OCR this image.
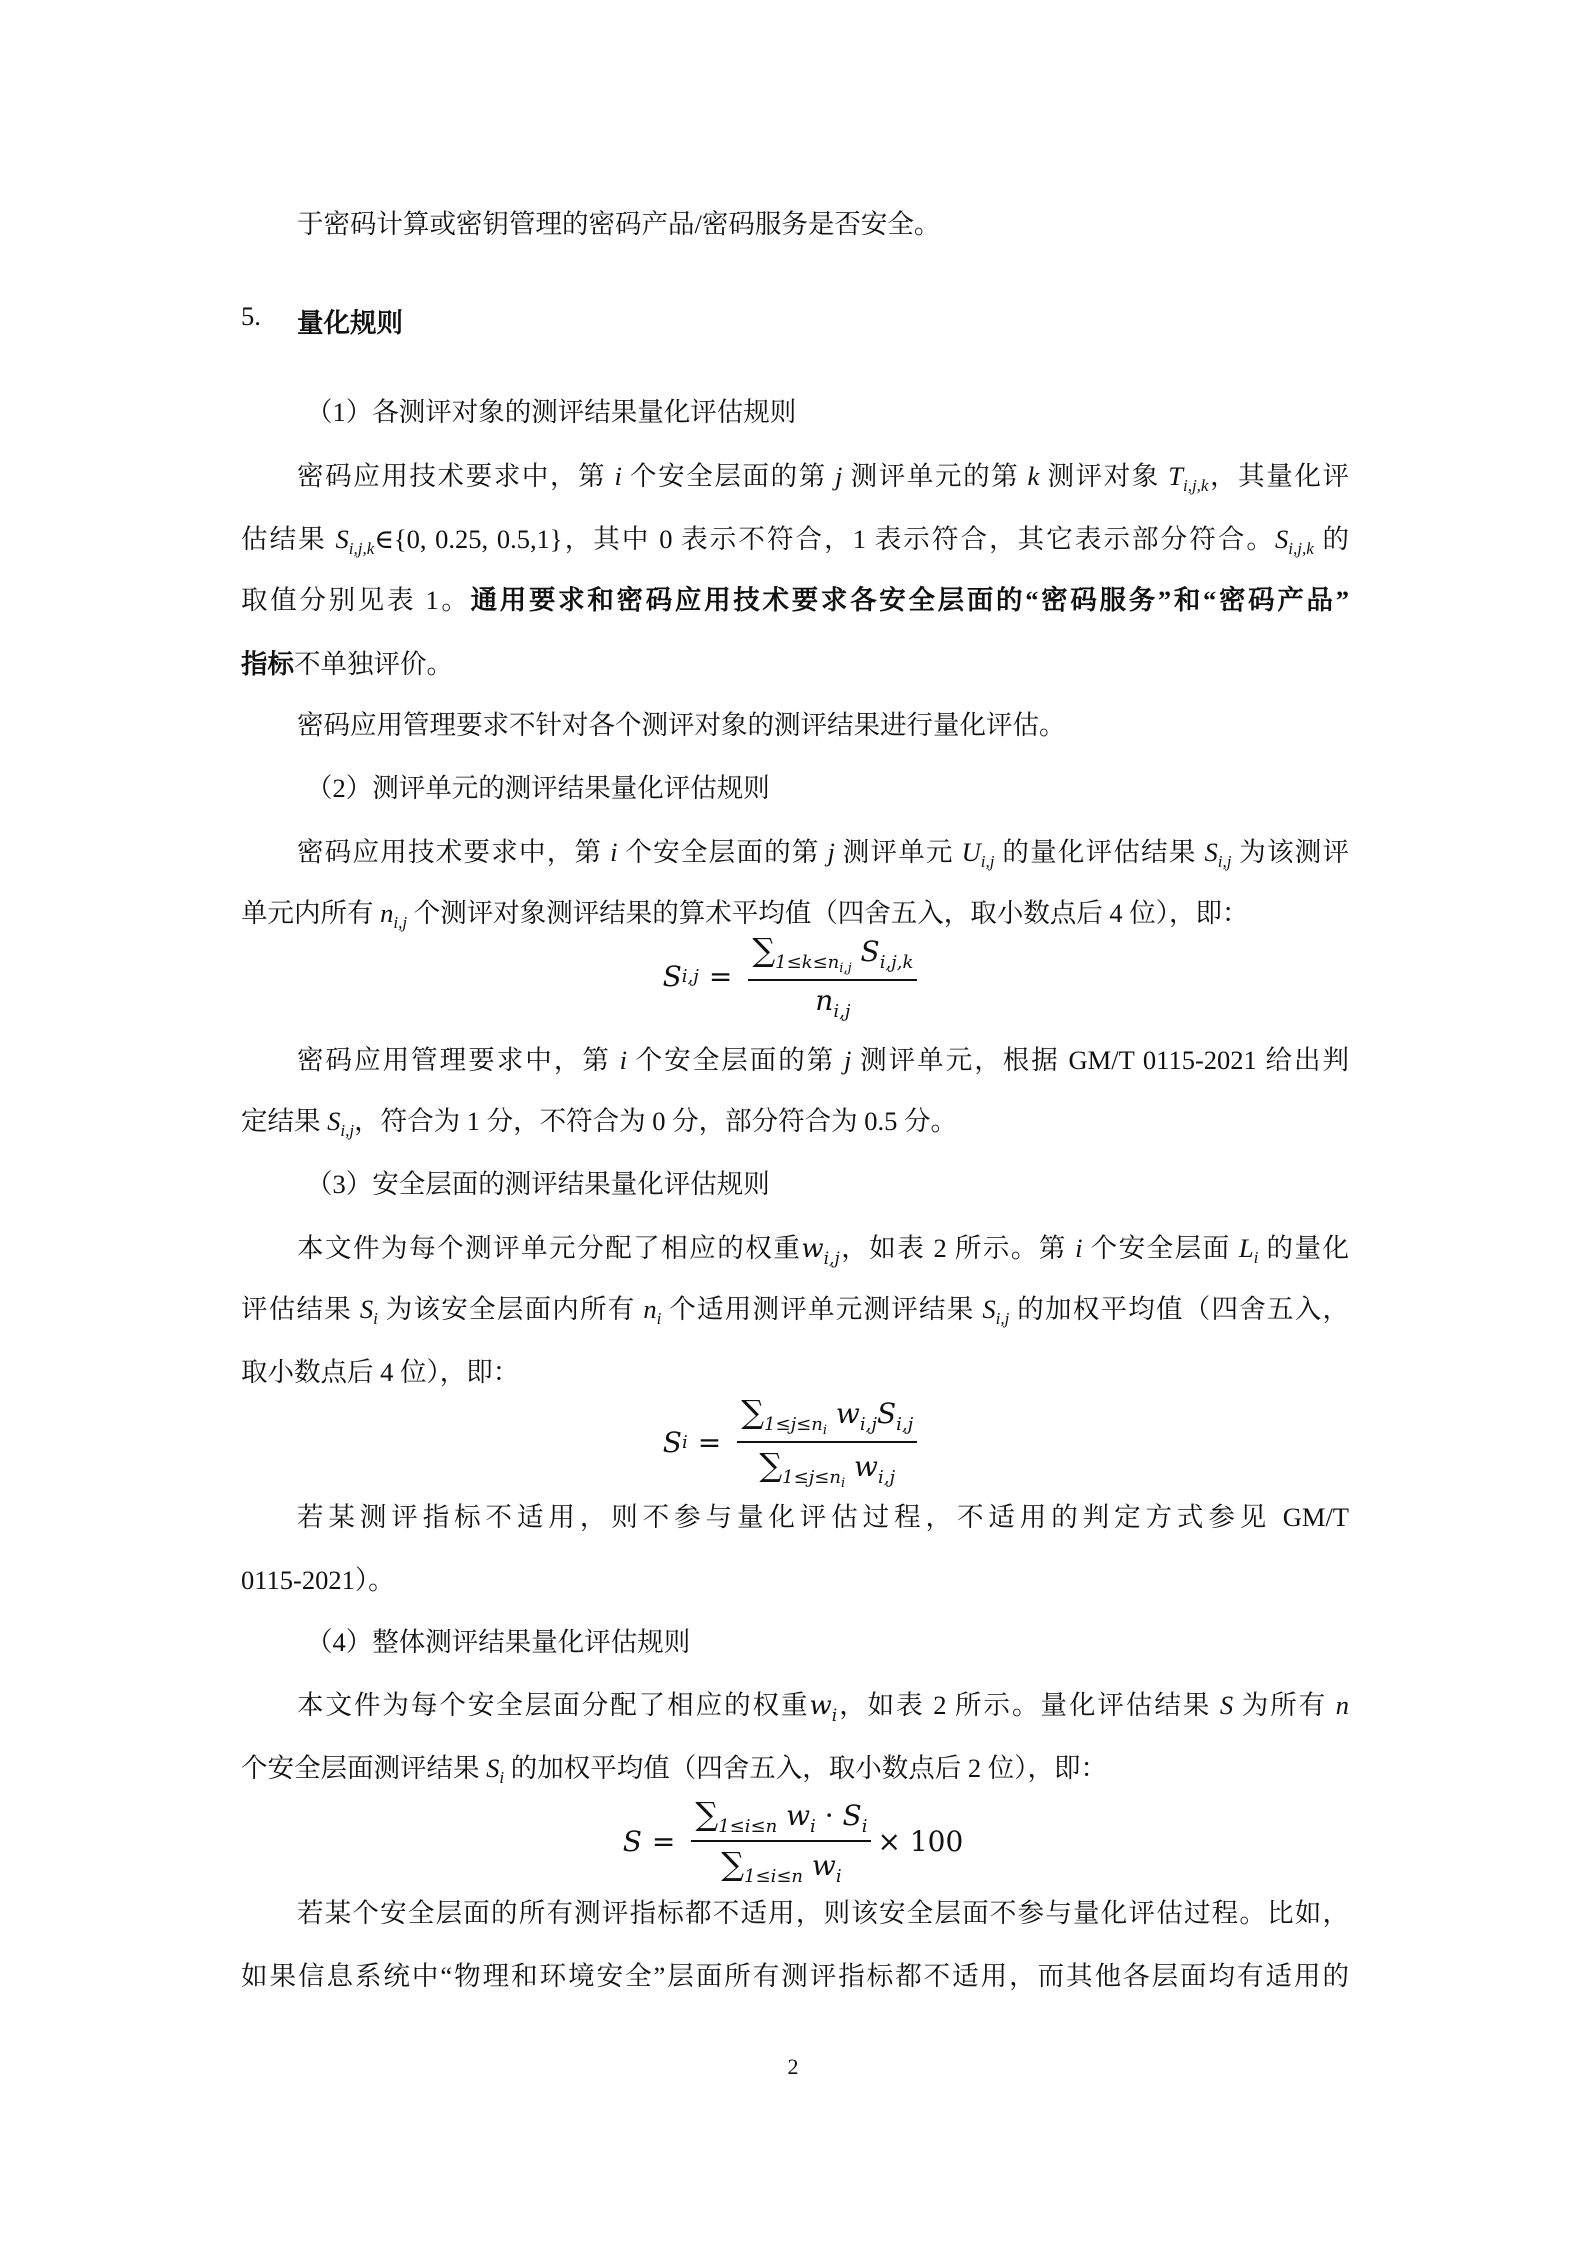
5. 量化规则
2
于密码计算或密钥管理的密码产品/密码服务是否安全。
（1）各测评对象的测评结果量化评估规则
密码应用技术要求中，第 i 个安全层面的第 j 测评单元的第 k 测评对象 $T_{i,j,k}$，其量化评
估结果 $S_{i,j,k}\in\{0$, 0.25, 0.5,1}，其中 0 表示不符合，1 表示符合，其它表示部分符合。$S_{i,j,k}$ 的
取值分别见表 1。通用要求和密码应用技术要求各安全层面的“密码服务”和“密码产品”
指标不单独评价。
密码应用管理要求不针对各个测评对象的测评结果进行量化评估。
（2）测评单元的测评结果量化评估规则
密码应用技术要求中，第 i 个安全层面的第 j 测评单元 $U_{i,j}$ 的量化评估结果 $S_{i,j}$ 为该测评
单元内所有 $n_{i,j}$ 个测评对象测评结果的算术平均值（四舍五入，取小数点后 4 位），即：
密码应用管理要求中，第 i 个安全层面的第 j 测评单元，根据 GM/T 0115-2021 给出判
定结果 $S_{i,j}$，符合为 1 分，不符合为 0 分，部分符合为 0.5 分。
（3）安全层面的测评结果量化评估规则
本文件为每个测评单元分配了相应的权重$w_{i,j}$，如表 2 所示。第 i 个安全层面 $L_i$ 的量化
评估结果 $S_i$ 为该安全层面内所有 $n_i$ 个适用测评单元测评结果 $S_{i,j}$ 的加权平均值（四舍五入，
取小数点后 4 位），即：
若某测评指标不适用，则不参与量化评估过程，不适用的判定方式参见 GM/T
0115-2021）。
（4）整体测评结果量化评估规则
本文件为每个安全层面分配了相应的权重$w_i$，如表 2 所示。量化评估结果 S 为所有 n
个安全层面测评结果 $S_i$ 的加权平均值（四舍五入，取小数点后 2 位），即：
若某个安全层面的所有测评指标都不适用，则该安全层面不参与量化评估过程。比如，
如果信息系统中“物理和环境安全”层面所有测评指标都不适用，而其他各层面均有适用的
S $i,j = \frac{\sum_{1\le k\le ni,j} S_{i,j,k}}{n_{i,j}}$
S $i = \frac{\sum_{1\le j\le ni} w_{i,j}S_{i,j}}{\sum_{1\le j\le ni} w_{i,j}}$
$S = \frac{\sum_{1\le i\le n} w_i \cdot S_i}{\sum_{1\le i\le n} w_i} \times 100$
